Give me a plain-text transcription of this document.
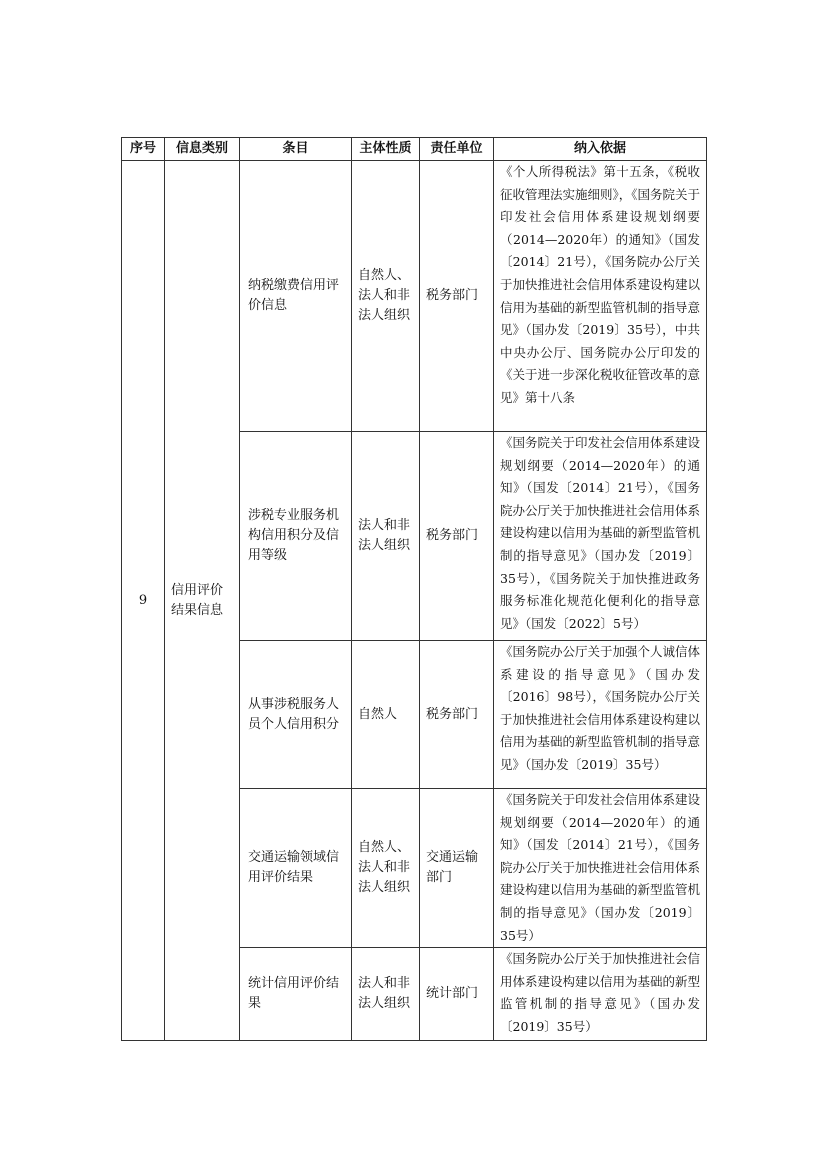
序号	信息类别	条目	主体性质	责任单位	纳入依据
9	信用评价结果信息	纳税缴费信用评价信息	自然人、法人和非法人组织	税务部门	《个人所得税法》第十五条，《税收征收管理法实施细则》，《国务院关于印发社会信用体系建设规划纲要（2014—2020年）的通知》（国发〔2014〕21号），《国务院办公厅关于加快推进社会信用体系建设构建以信用为基础的新型监管机制的指导意见》（国办发〔2019〕35号），中共中央办公厅、国务院办公厅印发的《关于进一步深化税收征管改革的意见》第十八条
		涉税专业服务机构信用积分及信用等级	法人和非法人组织	税务部门	《国务院关于印发社会信用体系建设规划纲要（2014—2020年）的通知》（国发〔2014〕21号），《国务院办公厅关于加快推进社会信用体系建设构建以信用为基础的新型监管机制的指导意见》（国办发〔2019〕35号），《国务院关于加快推进政务服务标准化规范化便利化的指导意见》（国发〔2022〕5号）
		从事涉税服务人员个人信用积分	自然人	税务部门	《国务院办公厅关于加强个人诚信体系建设的指导意见》（国办发〔2016〕98号），《国务院办公厅关于加快推进社会信用体系建设构建以信用为基础的新型监管机制的指导意见》（国办发〔2019〕35号）
		交通运输领域信用评价结果	自然人、法人和非法人组织	交通运输部门	《国务院关于印发社会信用体系建设规划纲要（2014—2020年）的通知》（国发〔2014〕21号），《国务院办公厅关于加快推进社会信用体系建设构建以信用为基础的新型监管机制的指导意见》（国办发〔2019〕35号）
		统计信用评价结果	法人和非法人组织	统计部门	《国务院办公厅关于加快推进社会信用体系建设构建以信用为基础的新型监管机制的指导意见》（国办发〔2019〕35号）
